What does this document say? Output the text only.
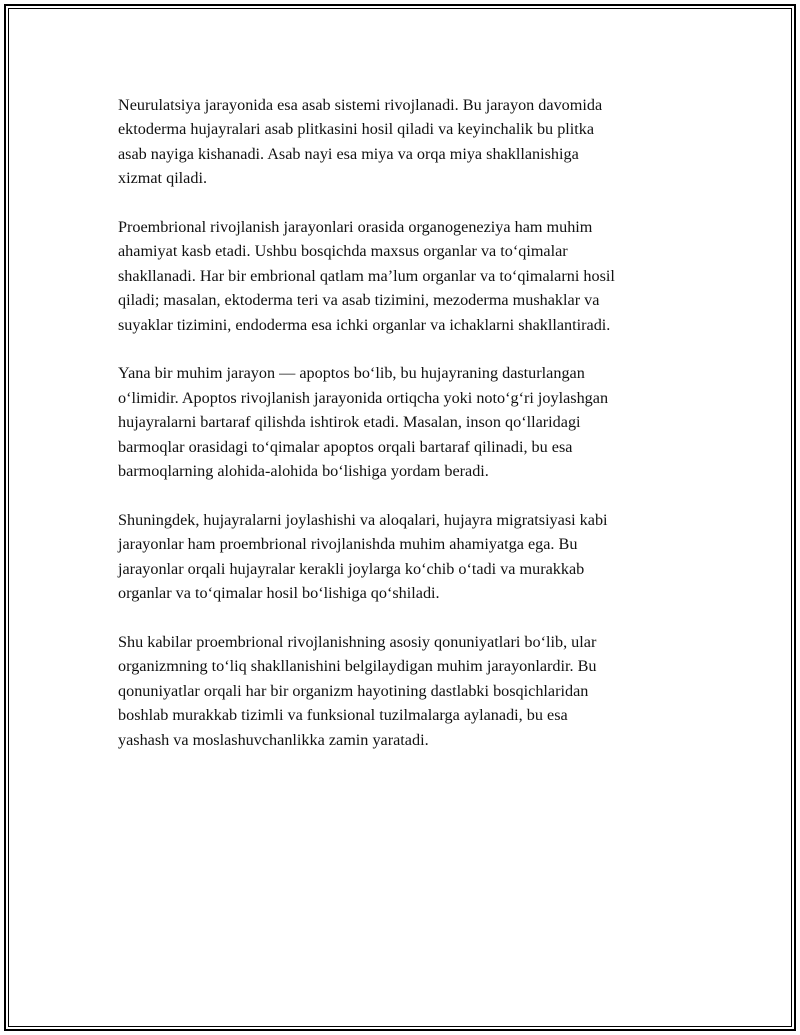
Neurulatsiya jarayonida esa asab sistemi rivojlanadi. Bu jarayon davomida
ektoderma hujayralari asab plitkasini hosil qiladi va keyinchalik bu plitka
asab nayiga kishanadi. Asab nayi esa miya va orqa miya shakllanishiga
xizmat qiladi.

Proembrional rivojlanish jarayonlari orasida organogeneziya ham muhim
ahamiyat kasb etadi. Ushbu bosqichda maxsus organlar va to‘qimalar
shakllanadi. Har bir embrional qatlam ma’lum organlar va to‘qimalarni hosil
qiladi; masalan, ektoderma teri va asab tizimini, mezoderma mushaklar va
suyaklar tizimini, endoderma esa ichki organlar va ichaklarni shakllantiradi.

Yana bir muhim jarayon — apoptos bo‘lib, bu hujayraning dasturlangan
o‘limidir. Apoptos rivojlanish jarayonida ortiqcha yoki noto‘g‘ri joylashgan
hujayralarni bartaraf qilishda ishtirok etadi. Masalan, inson qo‘llaridagi
barmoqlar orasidagi to‘qimalar apoptos orqali bartaraf qilinadi, bu esa
barmoqlarning alohida-alohida bo‘lishiga yordam beradi.

Shuningdek, hujayralarni joylashishi va aloqalari, hujayra migratsiyasi kabi
jarayonlar ham proembrional rivojlanishda muhim ahamiyatga ega. Bu
jarayonlar orqali hujayralar kerakli joylarga ko‘chib o‘tadi va murakkab
organlar va to‘qimalar hosil bo‘lishiga qo‘shiladi.

Shu kabilar proembrional rivojlanishning asosiy qonuniyatlari bo‘lib, ular
organizmning to‘liq shakllanishini belgilaydigan muhim jarayonlardir. Bu
qonuniyatlar orqali har bir organizm hayotining dastlabki bosqichlaridan
boshlab murakkab tizimli va funksional tuzilmalarga aylanadi, bu esa
yashash va moslashuvchanlikka zamin yaratadi.
